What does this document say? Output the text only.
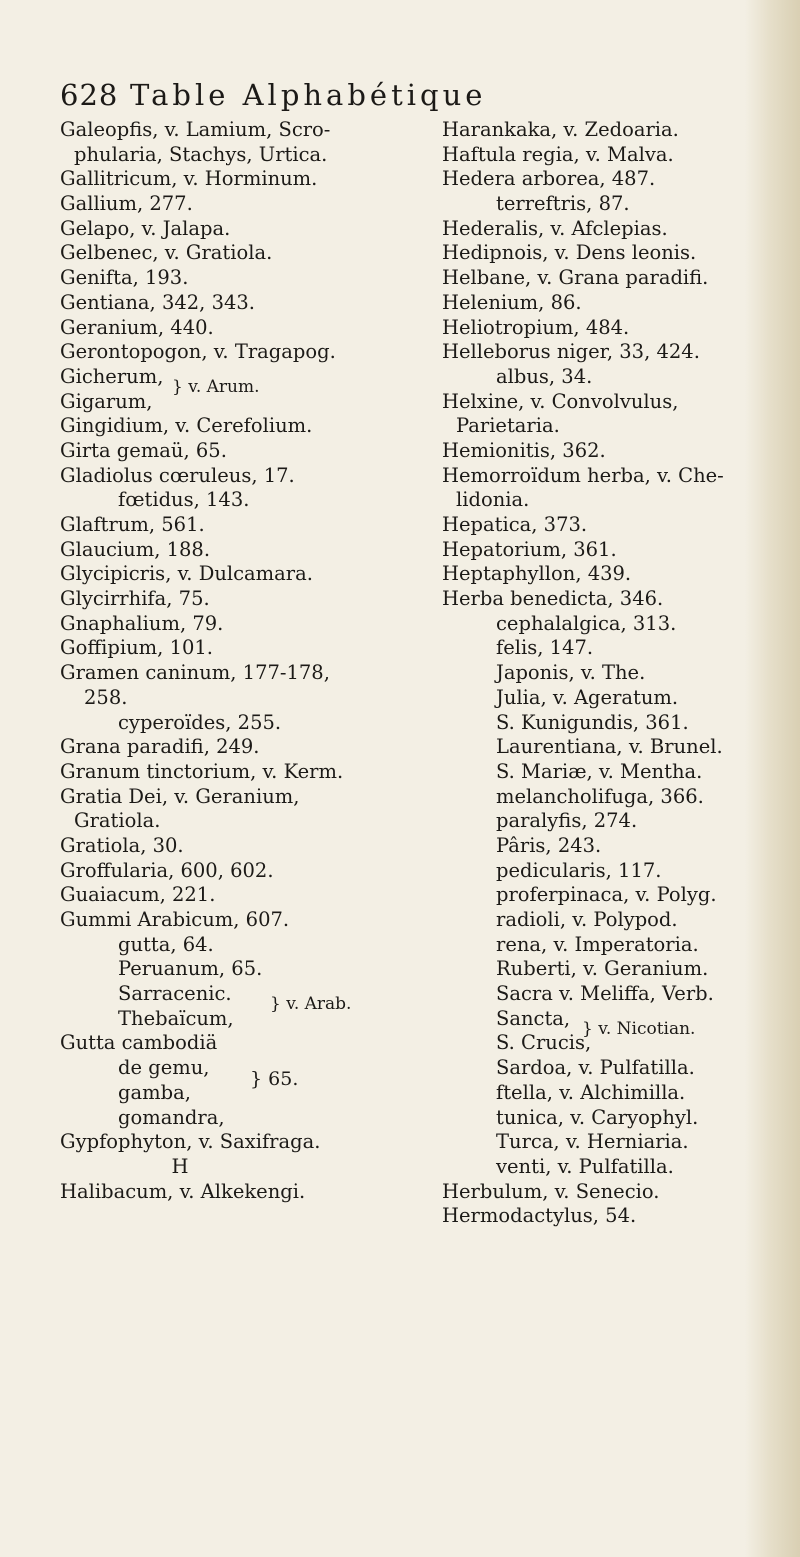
628 Table Alphabétique
Galeopfis, v. Lamium, Scro-
phularia, Stachys, Urtica.
Gallitricum, v. Horminum.
Gallium, 277.
Gelapo, v. Jalapa.
Gelbenec, v. Gratiola.
Genifta, 193.
Gentiana, 342, 343.
Geranium, 440.
Gerontopogon, v. Tragapog.
Gicherum,
Gigarum,
} v. Arum.
Gingidium, v. Cerefolium.
Girta gemaü, 65.
Gladiolus cœruleus, 17.
fœtidus, 143.
Glaftrum, 561.
Glaucium, 188.
Glycipicris, v. Dulcamara.
Glycirrhifa, 75.
Gnaphalium, 79.
Goffipium, 101.
Gramen caninum, 177-178,
258.
cyperoïdes, 255.
Grana paradifi, 249.
Granum tinctorium, v. Kerm.
Gratia Dei, v. Geranium,
Gratiola.
Gratiola, 30.
Groffularia, 600, 602.
Guaiacum, 221.
Gummi Arabicum, 607.
gutta, 64.
Peruanum, 65.
Sarracenic.
Thebaïcum,
} v. Arab.
Gutta cambodiä
de gemu,
gamba,
gomandra,
} 65.
Gypfophyton, v. Saxifraga.
H
Halibacum, v. Alkekengi.
Harankaka, v. Zedoaria.
Haftula regia, v. Malva.
Hedera arborea, 487.
terreftris, 87.
Hederalis, v. Afclepias.
Hedipnois, v. Dens leonis.
Helbane, v. Grana paradifi.
Helenium, 86.
Heliotropium, 484.
Helleborus niger, 33, 424.
albus, 34.
Helxine, v. Convolvulus,
Parietaria.
Hemionitis, 362.
Hemorroïdum herba, v. Che-
lidonia.
Hepatica, 373.
Hepatorium, 361.
Heptaphyllon, 439.
Herba benedicta, 346.
cephalalgica, 313.
felis, 147.
Japonis, v. The.
Julia, v. Ageratum.
S. Kunigundis, 361.
Laurentiana, v. Brunel.
S. Mariæ, v. Mentha.
melancholifuga, 366.
paralyfis, 274.
Pâris, 243.
pedicularis, 117.
proferpinaca, v. Polyg.
radioli, v. Polypod.
rena, v. Imperatoria.
Ruberti, v. Geranium.
Sacra v. Meliffa, Verb.
Sancta,
S. Crucis,
} v. Nicotian.
Sardoa, v. Pulfatilla.
ftella, v. Alchimilla.
tunica, v. Caryophyl.
Turca, v. Herniaria.
venti, v. Pulfatilla.
Herbulum, v. Senecio.
Hermodactylus, 54.
